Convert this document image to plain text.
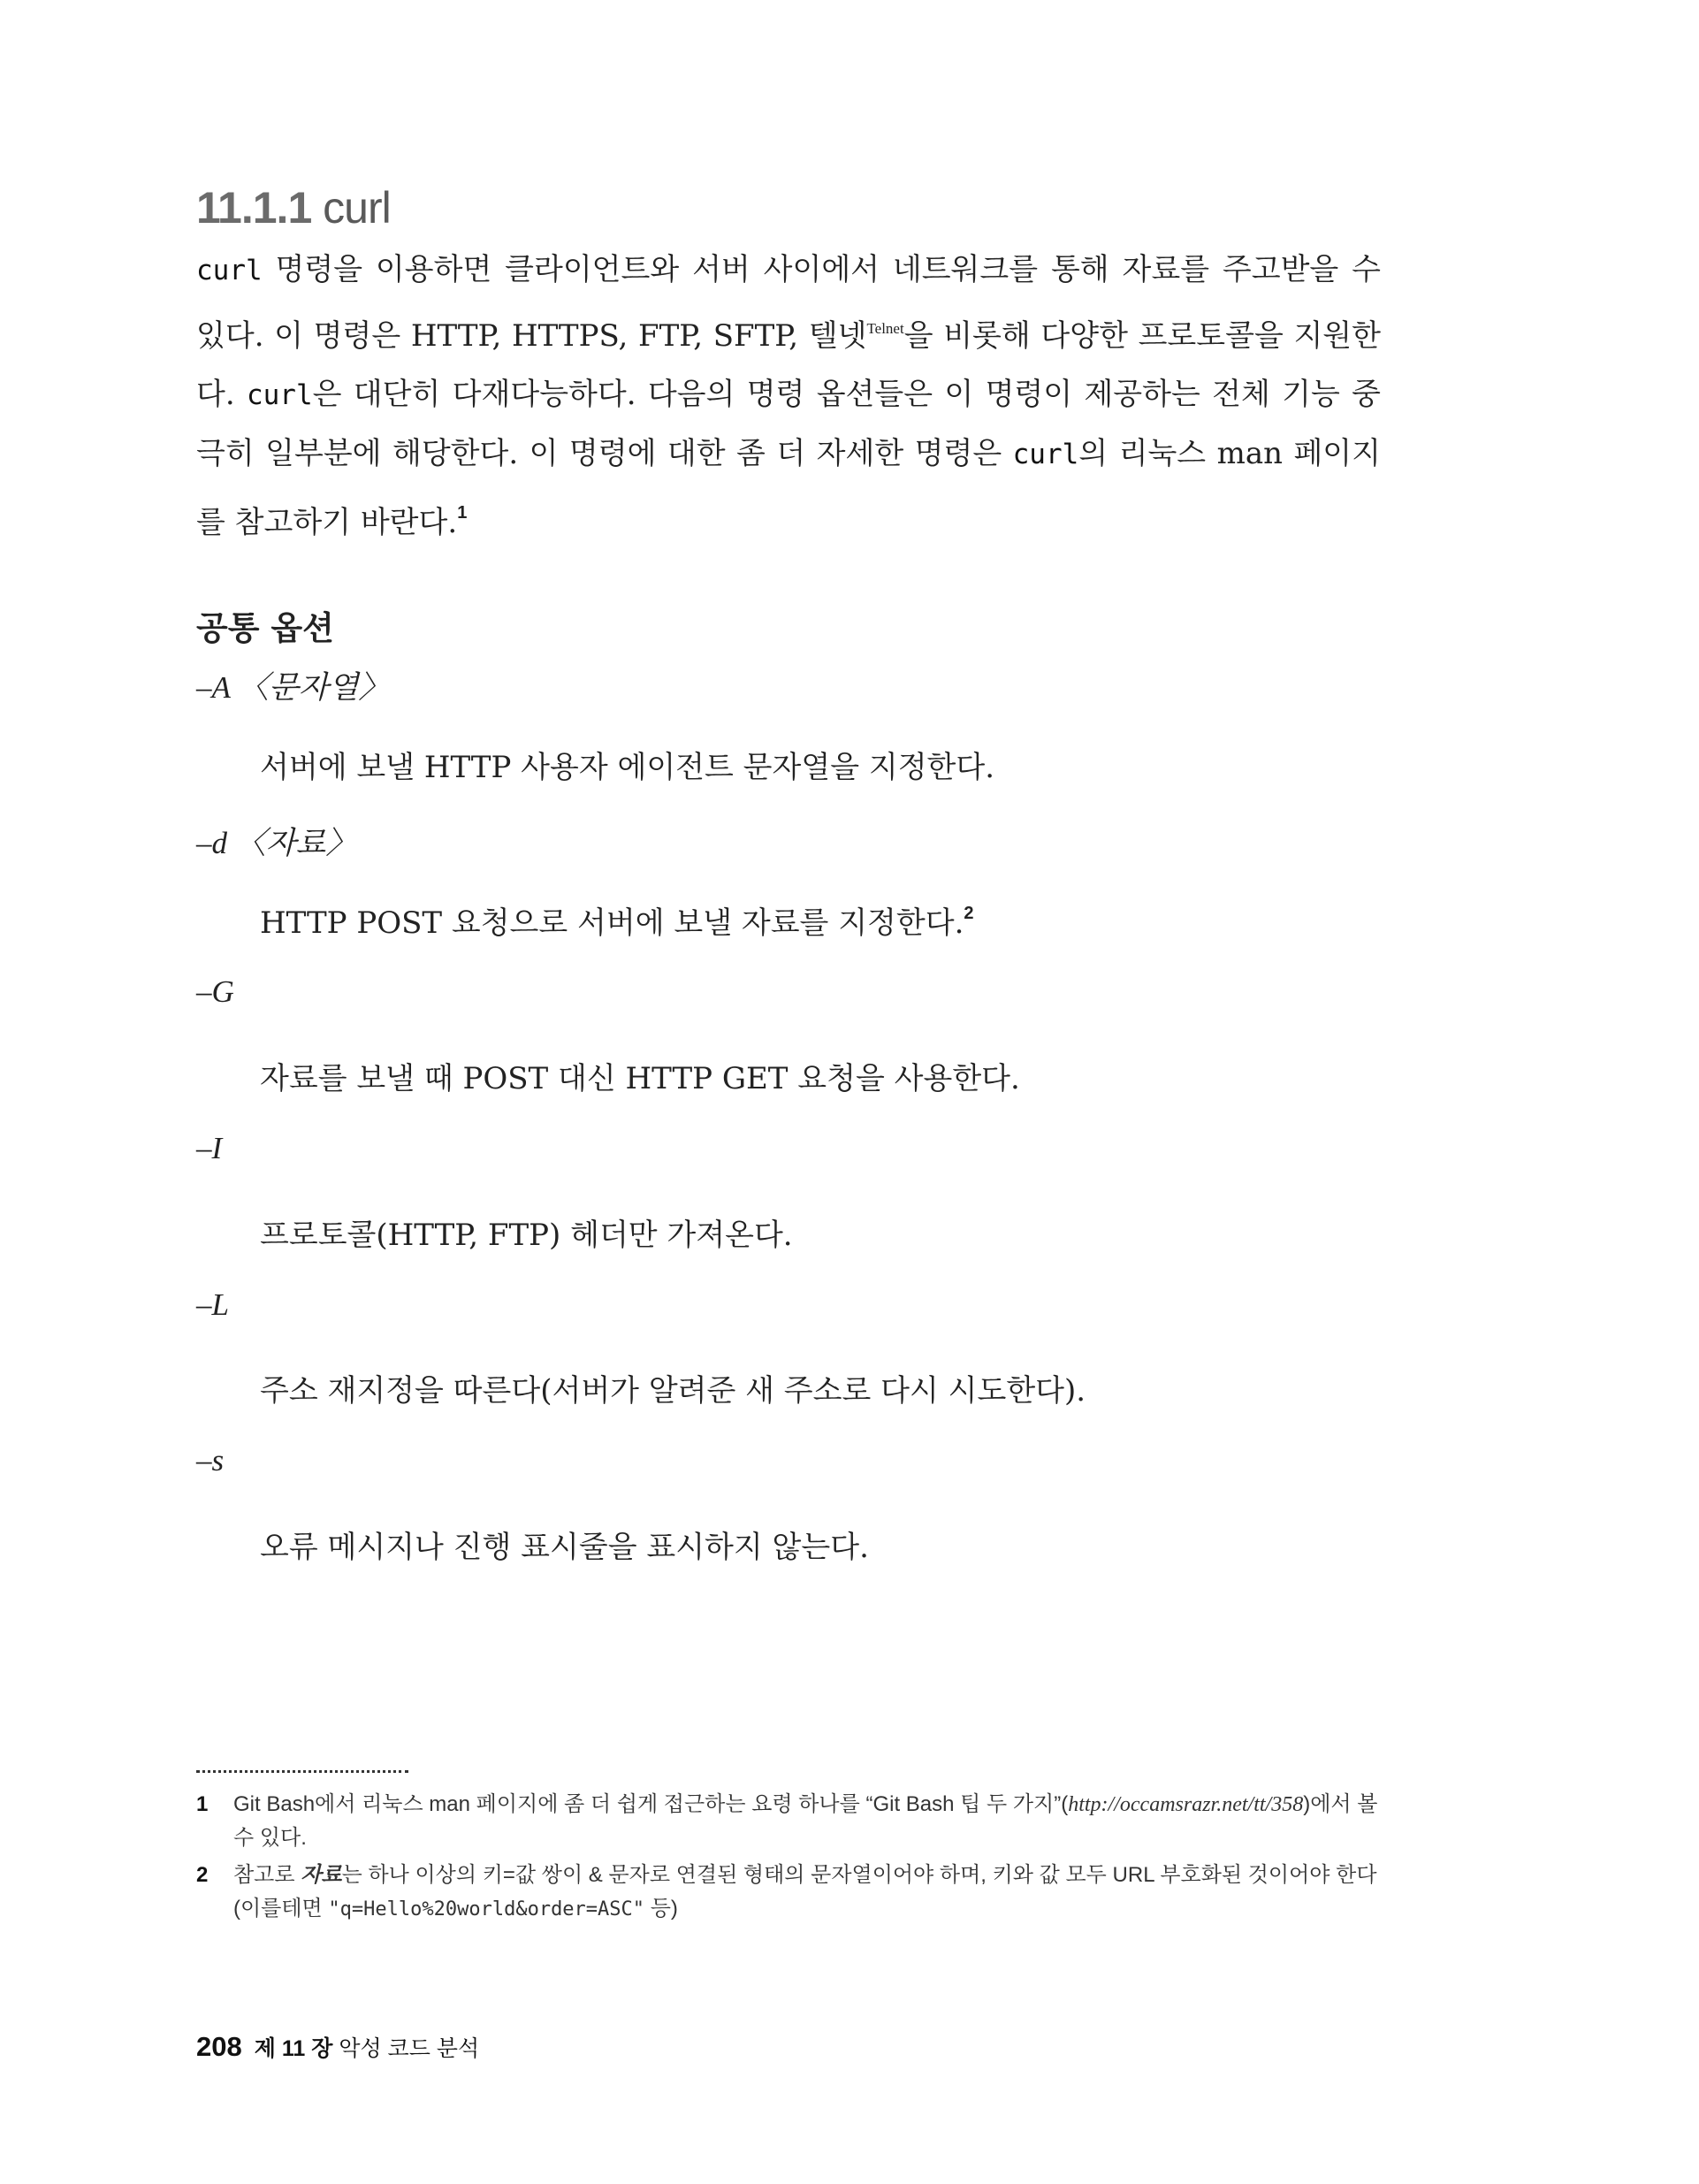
11.1.1 curl

curl 명령을 이용하면 클라이언트와 서버 사이에서 네트워크를 통해 자료를 주고받을 수 있다. 이 명령은 HTTP, HTTPS, FTP, SFTP, 텔넷$^{Telnet}$을 비롯해 다양한 프로토콜을 지원한다. curl은 대단히 다재다능하다. 다음의 명령 옵션들은 이 명령이 제공하는 전체 기능 중 극히 일부분에 해당한다. 이 명령에 대한 좀 더 자세한 명령은 curl의 리눅스 man 페이지를 참고하기 바란다.$^1$

공통 옵션
–A 〈문자열〉
서버에 보낼 HTTP 사용자 에이전트 문자열을 지정한다.
–d 〈자료〉
HTTP POST 요청으로 서버에 보낼 자료를 지정한다.$^2$
–G
자료를 보낼 때 POST 대신 HTTP GET 요청을 사용한다.
–I
프로토콜(HTTP, FTP) 헤더만 가져온다.
–L
주소 재지정을 따른다(서버가 알려준 새 주소로 다시 시도한다).
–s
오류 메시지나 진행 표시줄을 표시하지 않는다.
1 Git Bash에서 리눅스 man 페이지에 좀 더 쉽게 접근하는 요령 하나를 “Git Bash 팁 두 가지”(http://occamsrazr.net/tt/358)에서 볼 수 있다.
2 참고로 자료는 하나 이상의 키=값 쌍이 & 문자로 연결된 형태의 문자열이어야 하며, 키와 값 모두 URL 부호화된 것이어야 한다(이를테면 "q=Hello%20world&order=ASC" 등)
208 제 11 장 악성 코드 분석
